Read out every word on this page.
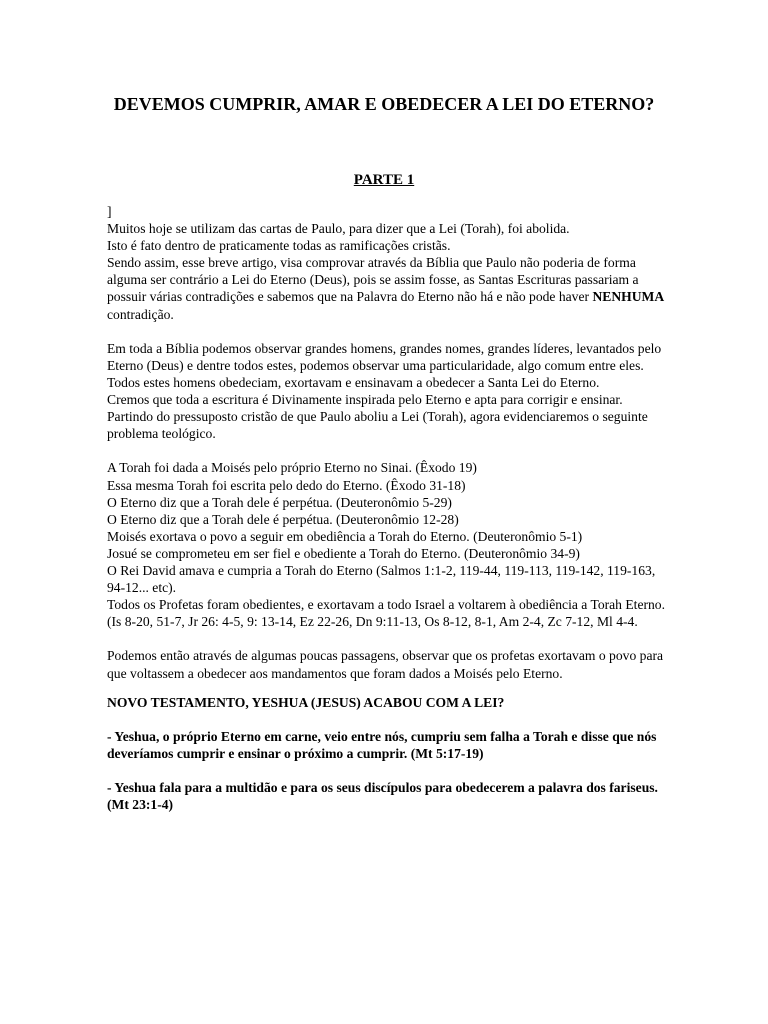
DEVEMOS CUMPRIR, AMAR E OBEDECER A LEI DO ETERNO?
PARTE 1

]

Muitos hoje se utilizam das cartas de Paulo, para dizer que a Lei (Torah), foi abolida.

Isto é fato dentro de praticamente todas as ramificações cristãs.

Sendo assim, esse breve artigo, visa comprovar através da Bíblia que Paulo não poderia de forma alguma ser contrário a Lei do Eterno (Deus), pois se assim fosse, as Santas Escrituras passariam a possuir várias contradições e sabemos que na Palavra do Eterno não há e não pode haver NENHUMA contradição.

Em toda a Bíblia podemos observar grandes homens, grandes nomes, grandes líderes, levantados pelo Eterno (Deus) e dentre todos estes, podemos observar uma particularidade, algo comum entre eles. Todos estes homens obedeciam, exortavam e ensinavam a obedecer a Santa Lei do Eterno.

Cremos que toda a escritura é Divinamente inspirada pelo Eterno e apta para corrigir e ensinar.

Partindo do pressuposto cristão de que Paulo aboliu a Lei (Torah), agora evidenciaremos o seguinte problema teológico.

A Torah foi dada a Moisés pelo próprio Eterno no Sinai. (Êxodo 19)

Essa mesma Torah foi escrita pelo dedo do Eterno. (Êxodo 31-18)

O Eterno diz que a Torah dele é perpétua. (Deuteronômio 5-29)

O Eterno diz que a Torah dele é perpétua. (Deuteronômio 12-28)

Moisés exortava o povo a seguir em obediência a Torah do Eterno. (Deuteronômio 5-1)

Josué se comprometeu em ser fiel e obediente a Torah do Eterno. (Deuteronômio 34-9)

O Rei David amava e cumpria a Torah do Eterno (Salmos 1:1-2, 119-44, 119-113, 119-142, 119-163, 94-12... etc).

Todos os Profetas foram obedientes, e exortavam a todo Israel a voltarem à obediência a Torah Eterno. (Is 8-20, 51-7, Jr 26: 4-5, 9: 13-14, Ez 22-26, Dn 9:11-13, Os 8-12, 8-1, Am 2-4, Zc 7-12, Ml 4-4.

Podemos então através de algumas poucas passagens, observar que os profetas exortavam o povo para que voltassem a obedecer aos mandamentos que foram dados a Moisés pelo Eterno.

NOVO TESTAMENTO, YESHUA (JESUS) ACABOU COM A LEI?

- Yeshua, o próprio Eterno em carne, veio entre nós, cumpriu sem falha a Torah e disse que nós deveríamos cumprir e ensinar o próximo a cumprir. (Mt 5:17-19)

- Yeshua fala para a multidão e para os seus discípulos para obedecerem a palavra dos fariseus. (Mt 23:1-4)
